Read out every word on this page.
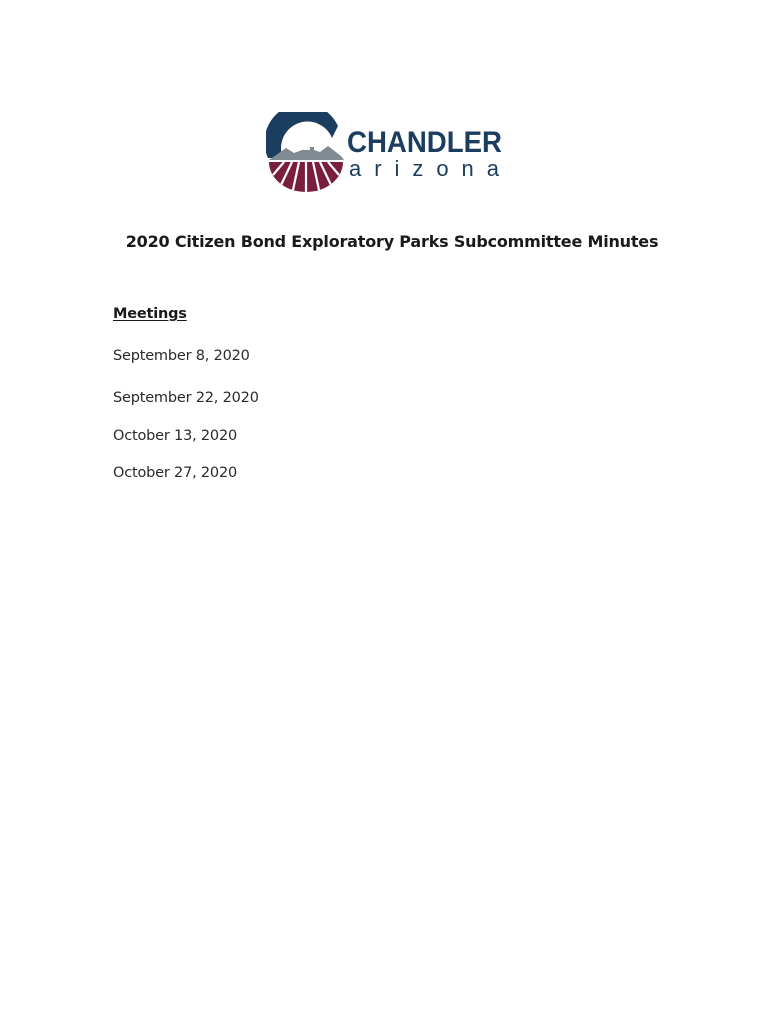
CHANDLER
arizona
2020 Citizen Bond Exploratory Parks Subcommittee Minutes
Meetings
September 8, 2020
September 22, 2020
October 13, 2020
October 27, 2020
